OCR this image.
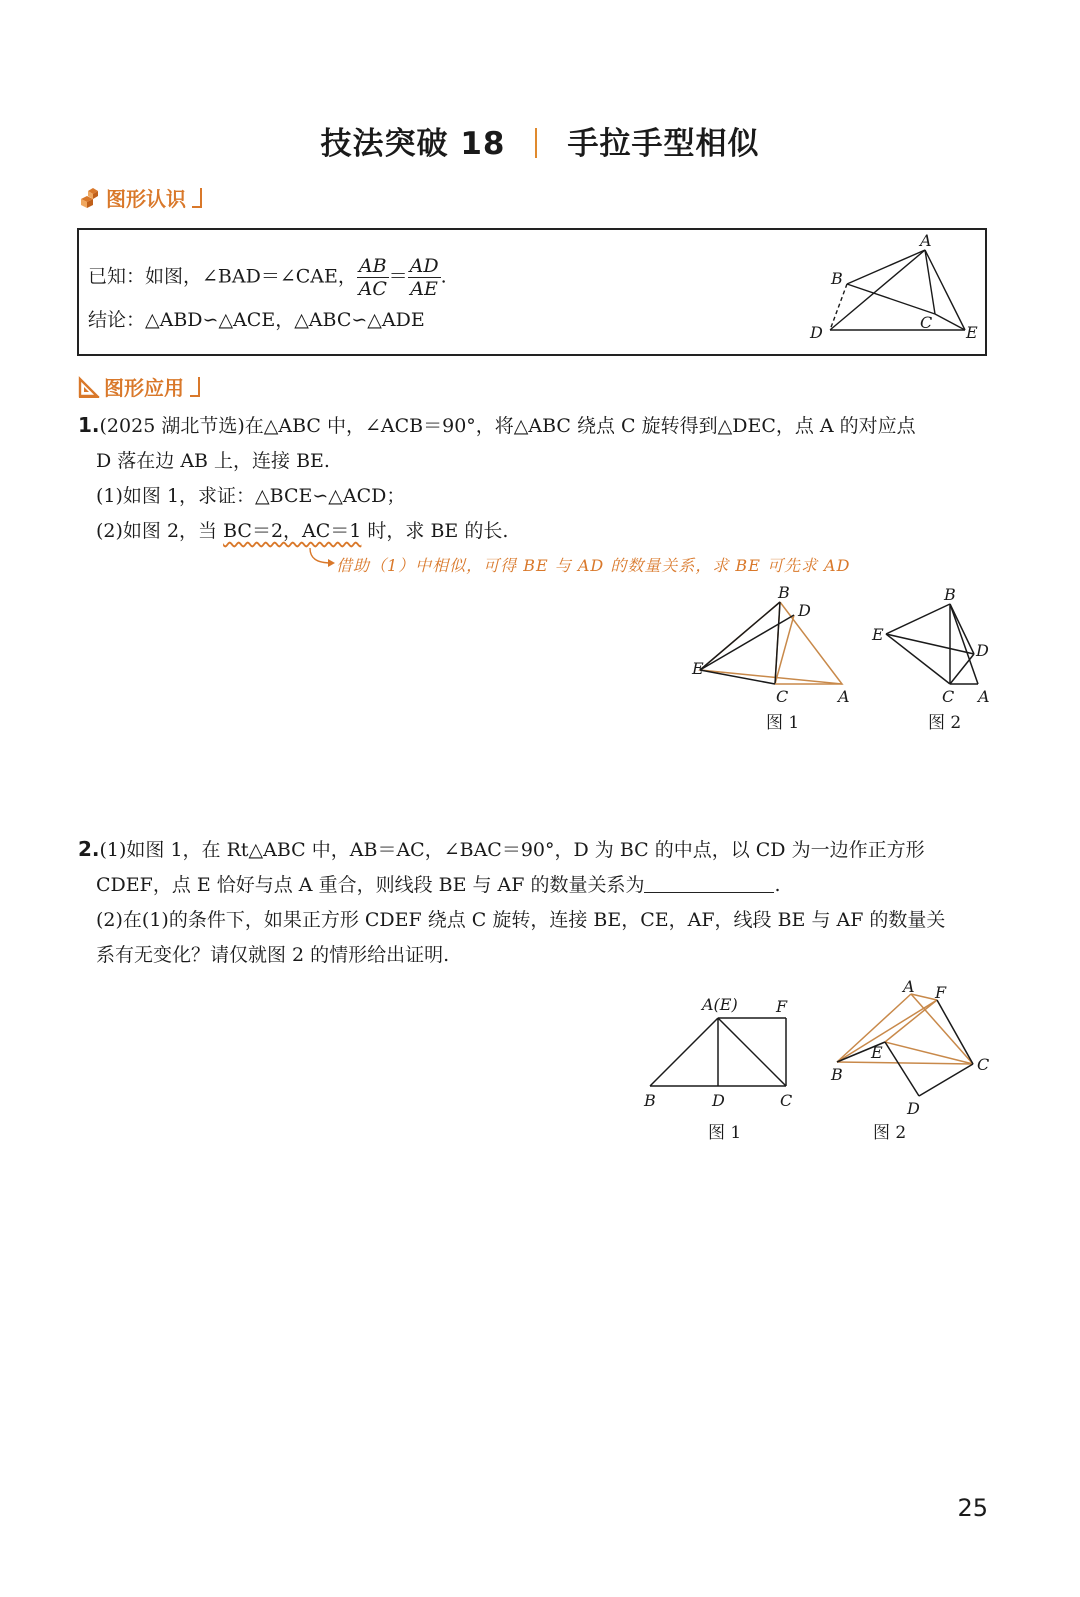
技法突破 18 手拉手型相似
图形认识
已知：如图，∠BAD＝∠CAE， $\frac{AB}{AC} = \frac{AD}{AE}$ .
结论：△ABD∽△ACE，△ABC∽△ADE
A
B
C
D	E
图形应用
1.(2025 湖北节选)在△ABC 中，∠ACB＝90°，将△ABC 绕点 C 旋转得到△DEC，点 A 的对应点
D 落在边 AB 上，连接 BE.
(1)如图 1，求证：△BCE∽△ACD；
(2)如图 2，当 BC＝2，AC＝1 时，求 BE 的长.
借助（1）中相似，可得 BE 与 AD 的数量关系，求 BE 可先求 AD
B
D
E
C	A
图 1
B
E
D
C A
图 2
2.(1)如图 1，在 Rt△ABC 中，AB＝AC，∠BAC＝90°，D 为 BC 的中点，以 CD 为一边作正方形
CDEF，点 E 恰好与点 A 重合，则线段 BE 与 AF 的数量关系为	.
(2)在(1)的条件下，如果正方形 CDEF 绕点 C 旋转，连接 BE，CE，AF，线段 BE 与 AF 的数量关
系有无变化？请仅就图 2 的情形给出证明.
A(E) F
B	D	C
图 1
A F
E
B
C
D
图 2
25
